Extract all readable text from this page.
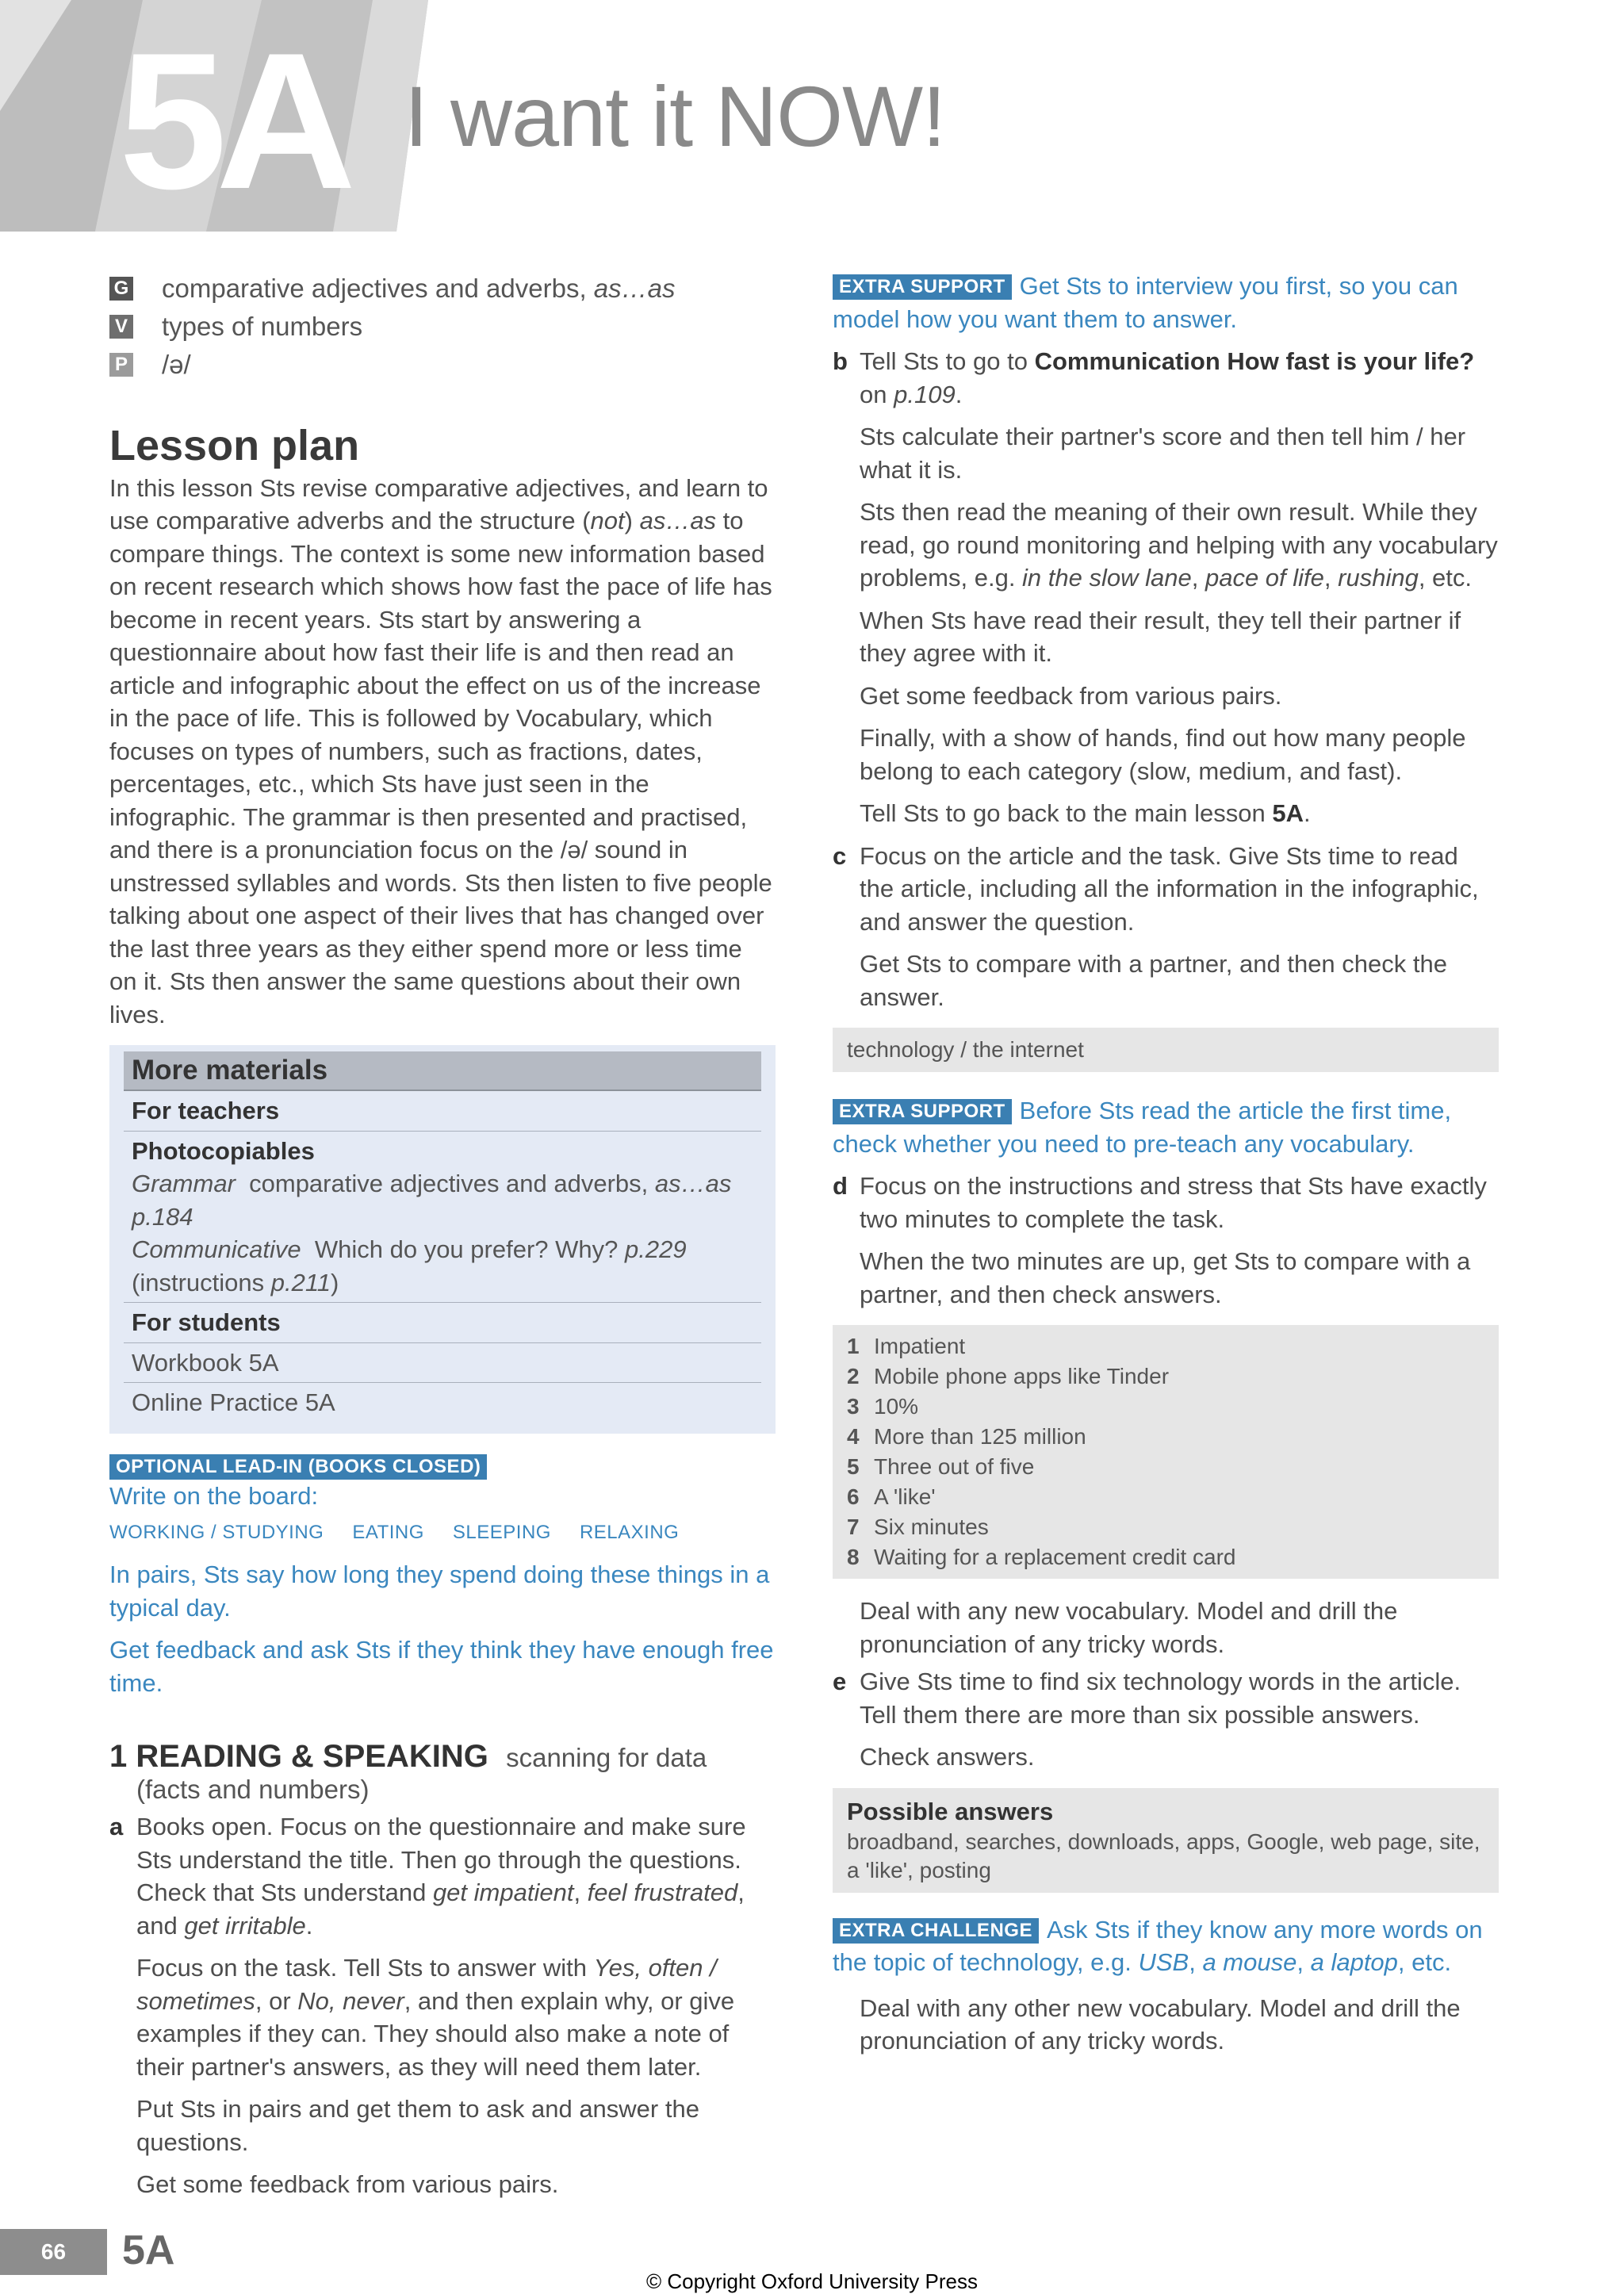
5A I want it NOW!
G comparative adjectives and adverbs, as…as
V types of numbers
P /ə/
Lesson plan

In this lesson Sts revise comparative adjectives, and learn to use comparative adverbs and the structure (not) as…as to compare things. The context is some new information based on recent research which shows how fast the pace of life has become in recent years. Sts start by answering a questionnaire about how fast their life is and then read an article and infographic about the effect on us of the increase in the pace of life. This is followed by Vocabulary, which focuses on types of numbers, such as fractions, dates, percentages, etc., which Sts have just seen in the infographic. The grammar is then presented and practised, and there is a pronunciation focus on the /ə/ sound in unstressed syllables and words. Sts then listen to five people talking about one aspect of their lives that has changed over the last three years as they either spend more or less time on it. Sts then answer the same questions about their own lives.

More materials
For teachers
Photocopiables
Grammar comparative adjectives and adverbs, as…as p.184
Communicative Which do you prefer? Why? p.229
(instructions p.211)
For students
Workbook 5A
Online Practice 5A
OPTIONAL LEAD-IN (BOOKS CLOSED)

Write on the board:

WORKING / STUDYING EATING SLEEPING RELAXING

In pairs, Sts say how long they spend doing these things in a typical day.

Get feedback and ask Sts if they think they have enough free time.

1 READING & SPEAKING scanning for data
(facts and numbers)
a Books open. Focus on the questionnaire and make sure Sts understand the title. Then go through the questions. Check that Sts understand get impatient, feel frustrated, and get irritable.

Focus on the task. Tell Sts to answer with Yes, often / sometimes, or No, never, and then explain why, or give examples if they can. They should also make a note of their partner's answers, as they will need them later.

Put Sts in pairs and get them to ask and answer the questions.

Get some feedback from various pairs.

EXTRA SUPPORT Get Sts to interview you first, so you can model how you want them to answer.

b Tell Sts to go to Communication How fast is your life? on p.109.

Sts calculate their partner's score and then tell him / her what it is.

Sts then read the meaning of their own result. While they read, go round monitoring and helping with any vocabulary problems, e.g. in the slow lane, pace of life, rushing, etc.

When Sts have read their result, they tell their partner if they agree with it.

Get some feedback from various pairs.

Finally, with a show of hands, find out how many people belong to each category (slow, medium, and fast).

Tell Sts to go back to the main lesson 5A.

c Focus on the article and the task. Give Sts time to read the article, including all the information in the infographic, and answer the question.

Get Sts to compare with a partner, and then check the answer.

technology / the internet

EXTRA SUPPORT Before Sts read the article the first time, check whether you need to pre-teach any vocabulary.

d Focus on the instructions and stress that Sts have exactly two minutes to complete the task.

When the two minutes are up, get Sts to compare with a partner, and then check answers.

1 Impatient
2 Mobile phone apps like Tinder
3 10%
4 More than 125 million
5 Three out of five
6 A 'like'
7 Six minutes
8 Waiting for a replacement credit card

Deal with any new vocabulary. Model and drill the pronunciation of any tricky words.

e Give Sts time to find six technology words in the article. Tell them there are more than six possible answers.

Check answers.

Possible answers
broadband, searches, downloads, apps, Google, web page, site, a 'like', posting

EXTRA CHALLENGE Ask Sts if they know any more words on the topic of technology, e.g. USB, a mouse, a laptop, etc.

Deal with any other new vocabulary. Model and drill the pronunciation of any tricky words.

66	5A
© Copyright Oxford University Press
